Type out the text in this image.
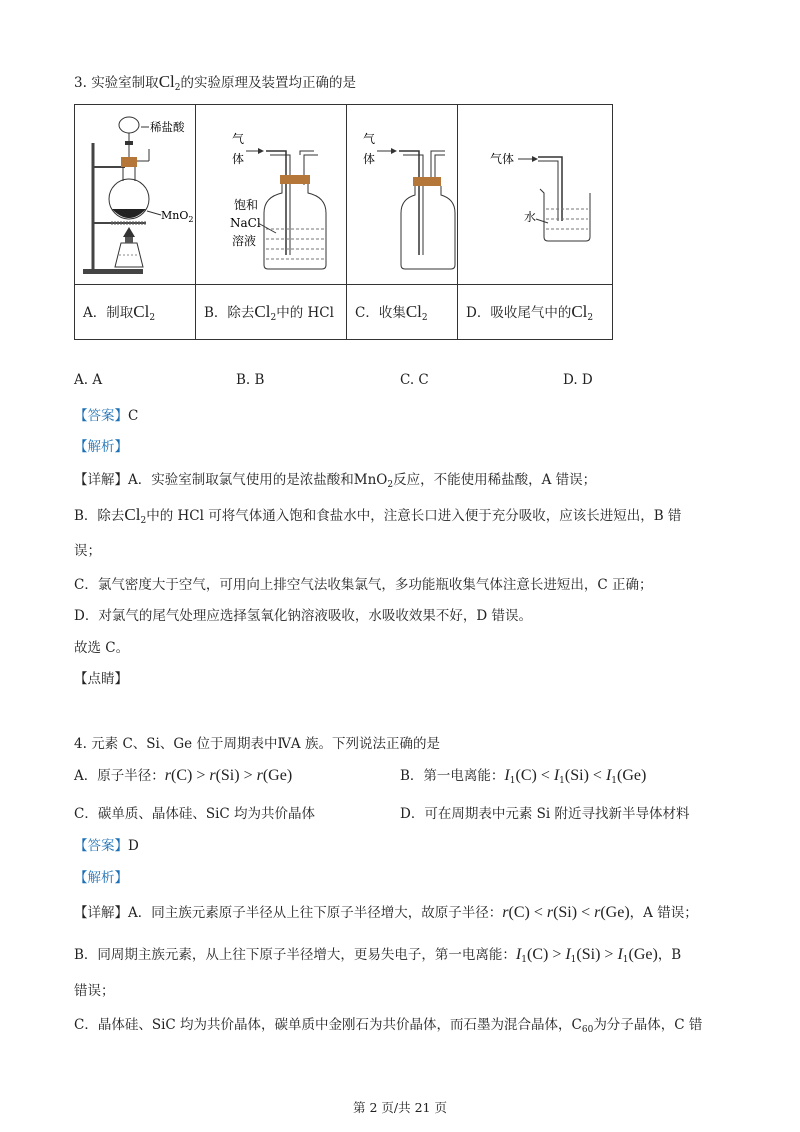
3. 实验室制取$Cl_2$的实验原理及装置均正确的是
稀盐酸
MnO$_2$	气
体
饱和
NaCl
溶液	气
体	气体
水

A．制取$Cl_2$	B．除去$Cl_2$中的 HCl	C．收集$Cl_2$	D．吸收尾气中的$Cl_2$
A. A	B. B	C. C	D. D
【答案】C
【解析】
【详解】A．实验室制取氯气使用的是浓盐酸和MnO$_2$反应，不能使用稀盐酸，A 错误；
B．除去$Cl_2$中的 HCl 可将气体通入饱和食盐水中，注意长口进入便于充分吸收，应该长进短出，B 错
误；
C．氯气密度大于空气，可用向上排空气法收集氯气，多功能瓶收集气体注意长进短出，C 正确；
D．对氯气的尾气处理应选择氢氧化钠溶液吸收，水吸收效果不好，D 错误。
故选 C。
【点睛】
4. 元素 C、Si、Ge 位于周期表中ⅣA 族。下列说法正确的是
A．原子半径：r(C) > r(Si) > r(Ge)	B．第一电离能：$I_1(C) < I_1(Si) < I_1(Ge)$
C．碳单质、晶体硅、SiC 均为共价晶体	D．可在周期表中元素 Si 附近寻找新半导体材料
【答案】D
【解析】
【详解】A．同主族元素原子半径从上往下原子半径增大，故原子半径：r(C) < r(Si) < r(Ge)，A 错误；
B．同周期主族元素，从上往下原子半径增大，更易失电子，第一电离能：$I_1(C) > I_1(Si) > I_1(Ge)$，B
错误；
C．晶体硅、SiC 均为共价晶体，碳单质中金刚石为共价晶体，而石墨为混合晶体，$C_{60}$为分子晶体，C 错
第 2 页/共 21 页
